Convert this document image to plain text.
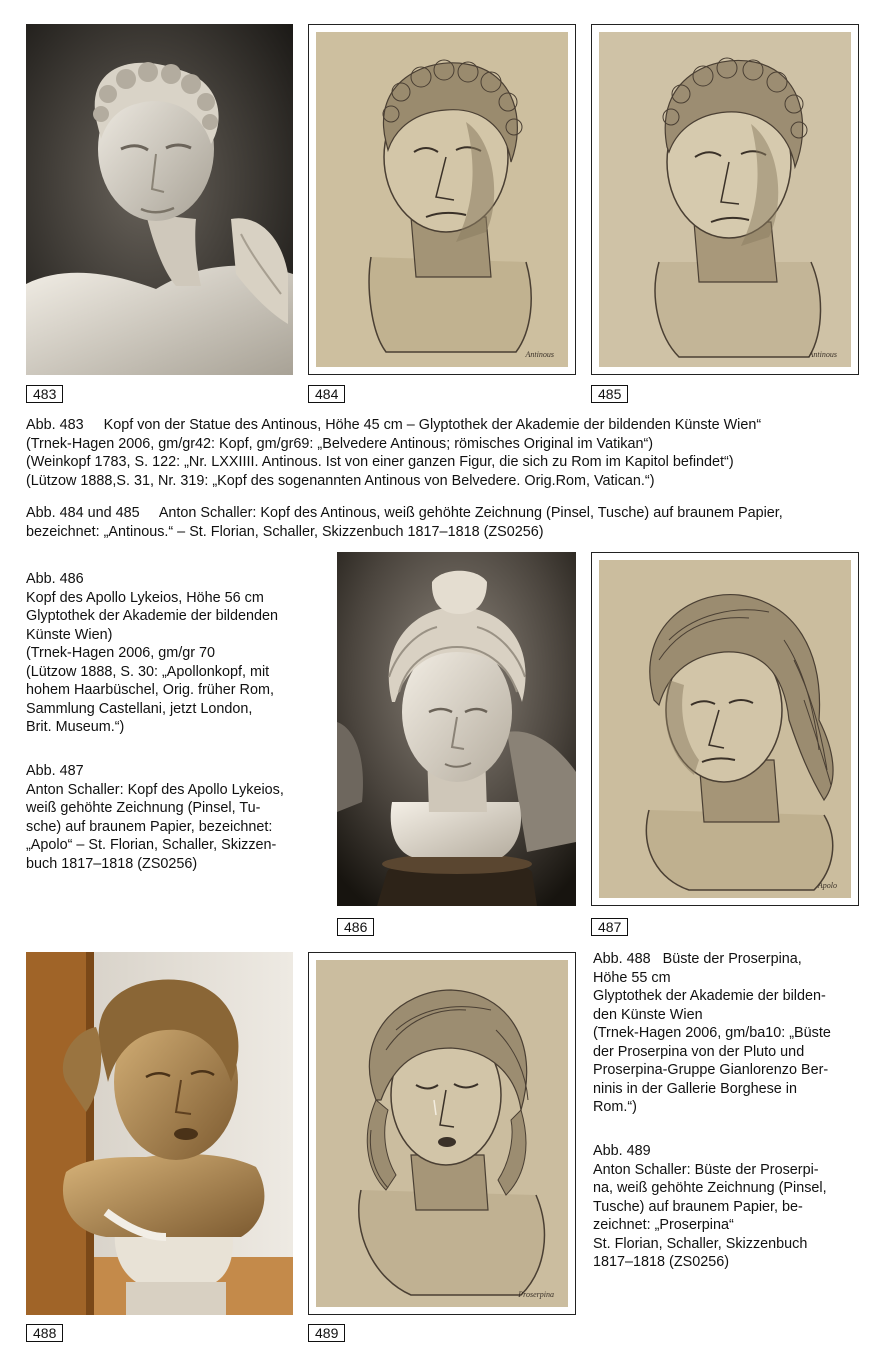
Antinous	Antinous
483	484	485

Abb. 483     Kopf von der Statue des Antinous, Höhe 45 cm – Glyptothek der Akademie der bildenden Künste Wien“

(Trnek-Hagen 2006, gm/gr42: Kopf, gm/gr69: „Belvedere Antinous; römisches Original im Vatikan“)

(Weinkopf 1783, S. 122: „Nr. LXXIIII. Antinous. Ist von einer ganzen Figur, die sich zu Rom im Kapitol befindet“)

(Lützow 1888,S. 31, Nr. 319: „Kopf des sogenannten Antinous von Belvedere. Orig.Rom, Vatican.“)

Abb. 484 und 485     Anton Schaller: Kopf des Antinous, weiß gehöhte Zeichnung (Pinsel, Tusche) auf braunem Papier,

bezeichnet: „Antinous.“ – St. Florian, Schaller, Skizzenbuch 1817–1818 (ZS0256)

Abb. 486

Kopf des Apollo Lykeios, Höhe 56 cm

Glyptothek der Akademie der bildenden

Künste Wien)

(Trnek-Hagen 2006, gm/gr 70

(Lützow 1888, S. 30: „Apollonkopf, mit

hohem Haarbüschel, Orig. früher Rom,

Sammlung Castellani, jetzt London,

Brit. Museum.“)

Abb. 487

Anton Schaller: Kopf des Apollo Lykeios,

weiß gehöhte Zeichnung (Pinsel, Tu-

sche) auf braunem Papier, bezeichnet:

„Apolo“ – St. Florian, Schaller, Skizzen-

buch 1817–1818 (ZS0256)

Apolo
486	487
Proserpina

Abb. 488   Büste der Proserpina,

Höhe 55 cm

Glyptothek der Akademie der bilden-

den Künste Wien

(Trnek-Hagen 2006, gm/ba10: „Büste

der Proserpina von der Pluto und

Proserpina-Gruppe Gianlorenzo Ber-

ninis in der Gallerie Borghese in

Rom.“)

Abb. 489

Anton Schaller: Büste der Proserpi-

na, weiß gehöhte Zeichnung (Pinsel,

Tusche) auf braunem Papier, be-

zeichnet: „Proserpina“

St. Florian, Schaller, Skizzenbuch

1817–1818 (ZS0256)

488	489
